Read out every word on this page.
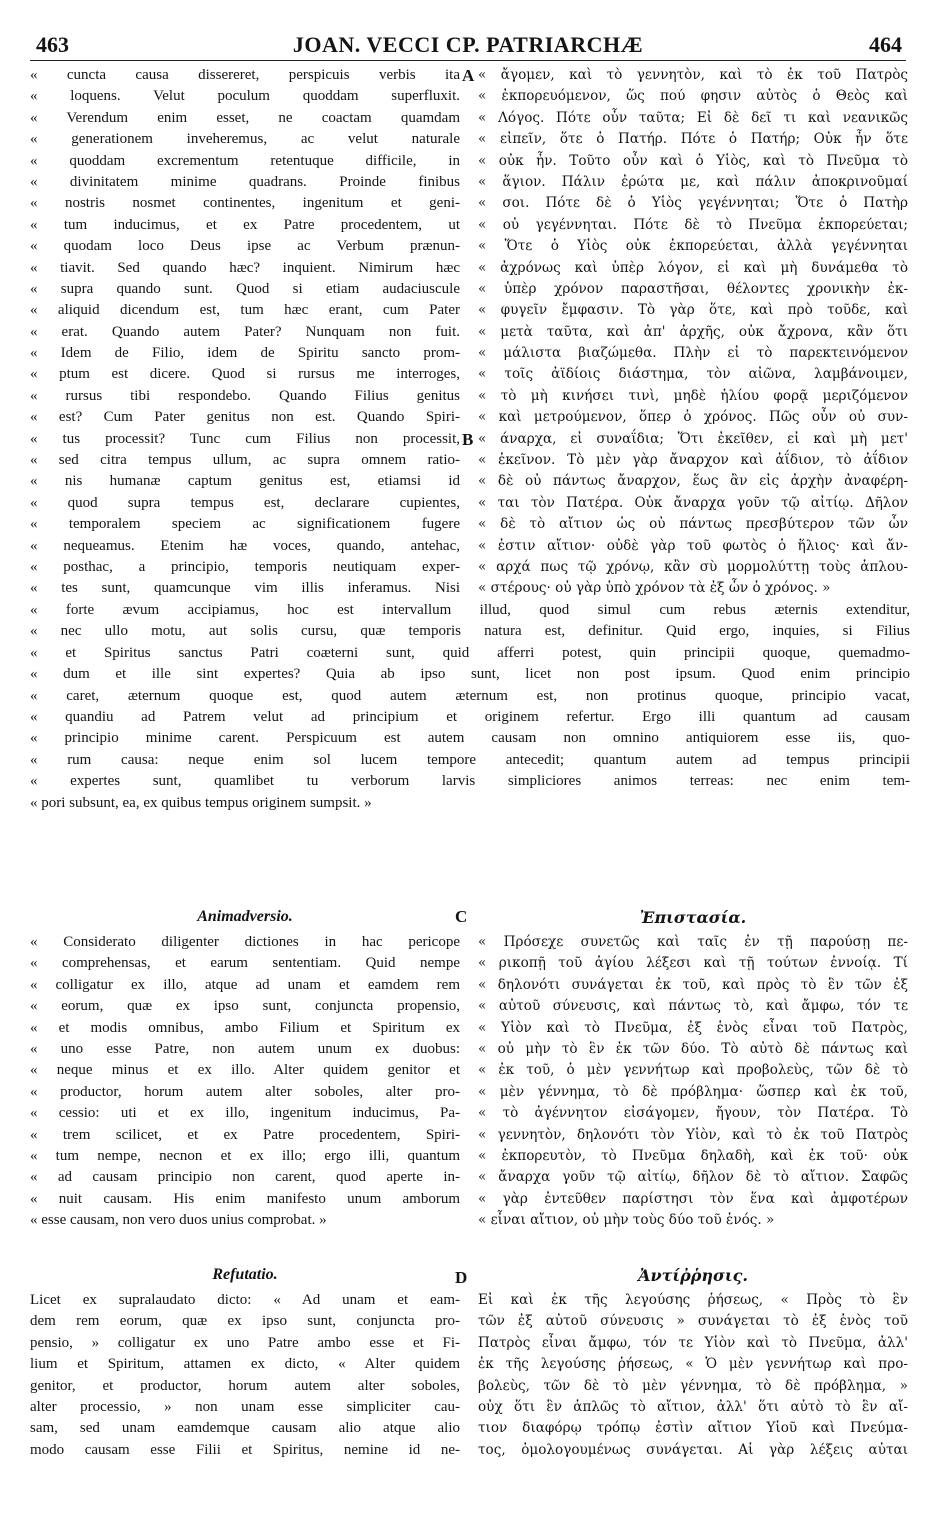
463	JOAN. VECCI CP. PATRIARCHÆ	464
A
B
C
D
« cuncta causa dissereret, perspicuis verbis ita
« loquens. Velut poculum quoddam superfluxit.
« Verendum enim esset, ne coactam quamdam
« generationem inveheremus, ac velut naturale
« quoddam excrementum retentuque difficile, in
« divinitatem minime quadrans. Proinde finibus
« nostris nosmet continentes, ingenitum et geni-
« tum inducimus, et ex Patre procedentem, ut
« quodam loco Deus ipse ac Verbum prænun-
« tiavit. Sed quando hæc? inquient. Nimirum hæc
« supra quando sunt. Quod si etiam audaciuscule
« aliquid dicendum est, tum hæc erant, cum Pater
« erat. Quando autem Pater? Nunquam non fuit.
« Idem de Filio, idem de Spiritu sancto prom-
« ptum est dicere. Quod si rursus me interroges,
« rursus tibi respondebo. Quando Filius genitus
« est? Cum Pater genitus non est. Quando Spiri-
« tus processit? Tunc cum Filius non processit,
« sed citra tempus ullum, ac supra omnem ratio-
« nis humanæ captum genitus est, etiamsi id
« quod supra tempus est, declarare cupientes,
« temporalem speciem ac significationem fugere
« nequeamus. Etenim hæ voces, quando, antehac,
« posthac, a principio, temporis neutiquam exper-
« tes sunt, quamcunque vim illis inferamus. Nisi
« ἄγομεν, καὶ τὸ γεννητὸν, καὶ τὸ ἐκ τοῦ Πατρὸς
« ἐκπορευόμενον, ὥς πού φησιν αὐτὸς ὁ Θεὸς καὶ
« Λόγος. Πότε οὖν ταῦτα; Εἰ δὲ δεῖ τι καὶ νεανικῶς
« εἰπεῖν, ὅτε ὁ Πατήρ. Πότε ὁ Πατήρ; Οὐκ ἦν ὅτε
« οὐκ ἦν. Τοῦτο οὖν καὶ ὁ Υἱὸς, καὶ τὸ Πνεῦμα τὸ
« ἅγιον. Πάλιν ἐρώτα με, καὶ πάλιν ἀποκρινοῦμαί
« σοι. Πότε δὲ ὁ Υἱὸς γεγέννηται; Ὅτε ὁ Πατὴρ
« οὐ γεγέννηται. Πότε δὲ τὸ Πνεῦμα ἐκπορεύεται;
« Ὅτε ὁ Υἱὸς οὐκ ἐκπορεύεται, ἀλλὰ γεγέννηται
« ἀχρόνως καὶ ὑπὲρ λόγον, εἰ καὶ μὴ δυνάμεθα τὸ
« ὑπὲρ χρόνον παραστῆσαι, θέλοντες χρονικὴν ἐκ-
« φυγεῖν ἔμφασιν. Τὸ γὰρ ὅτε, καὶ πρὸ τοῦδε, καὶ
« μετὰ ταῦτα, καὶ ἀπ' ἀρχῆς, οὐκ ἄχρονα, κἂν ὅτι
« μάλιστα βιαζώμεθα. Πλὴν εἰ τὸ παρεκτεινόμενον
« τοῖς ἀϊδίοις διάστημα, τὸν αἰῶνα, λαμβάνοιμεν,
« τὸ μὴ κινήσει τινὶ, μηδὲ ἡλίου φορᾷ μεριζόμενον
« καὶ μετρούμενον, ὅπερ ὁ χρόνος. Πῶς οὖν οὐ συν-
« άναρχα, εἰ συναΐδια; Ὅτι ἐκεῖθεν, εἰ καὶ μὴ μετ'
« ἐκεῖνον. Τὸ μὲν γὰρ ἄναρχον καὶ ἀΐδιον, τὸ ἀΐδιον
« δὲ οὐ πάντως ἄναρχον, ἕως ἂν εἰς ἀρχὴν ἀναφέρη-
« ται τὸν Πατέρα. Οὐκ ἄναρχα γοῦν τῷ αἰτίῳ. Δῆλον
« δὲ τὸ αἴτιον ὡς οὐ πάντως πρεσβύτερον τῶν ὧν
« ἐστιν αἴτιον· οὐδὲ γὰρ τοῦ φωτὸς ὁ ἥλιος· καὶ ἄν-
« αρχά πως τῷ χρόνῳ, κἂν σὺ μορμολύττῃ τοὺς ἁπλου-
« στέρους· οὐ γὰρ ὑπὸ χρόνον τὰ ἐξ ὧν ὁ χρόνος. »
« forte ævum accipiamus, hoc est intervallum illud, quod simul cum rebus æternis extenditur,
« nec ullo motu, aut solis cursu, quæ temporis natura est, definitur. Quid ergo, inquies, si Filius
« et Spiritus sanctus Patri coæterni sunt, quid afferri potest, quin principii quoque, quemadmo-
« dum et ille sint expertes? Quia ab ipso sunt, licet non post ipsum. Quod enim principio
« caret, æternum quoque est, quod autem æternum est, non protinus quoque, principio vacat,
« quandiu ad Patrem velut ad principium et originem refertur. Ergo illi quantum ad causam
« principio minime carent. Perspicuum est autem causam non omnino antiquiorem esse iis, quo-
« rum causa: neque enim sol lucem tempore antecedit; quantum autem ad tempus principii
« expertes sunt, quamlibet tu verborum larvis simpliciores animos terreas: nec enim tem-
« pori subsunt, ea, ex quibus tempus originem sumpsit. »
Animadversio.
« Considerato diligenter dictiones in hac pericope
« comprehensas, et earum sententiam. Quid nempe
« colligatur ex illo, atque ad unam et eamdem rem
« eorum, quæ ex ipso sunt, conjuncta propensio,
« et modis omnibus, ambo Filium et Spiritum ex
« uno esse Patre, non autem unum ex duobus:
« neque minus et ex illo. Alter quidem genitor et
« productor, horum autem alter soboles, alter pro-
« cessio: uti et ex illo, ingenitum inducimus, Pa-
« trem scilicet, et ex Patre procedentem, Spiri-
« tum nempe, necnon et ex illo; ergo illi, quantum
« ad causam principio non carent, quod aperte in-
« nuit causam. His enim manifesto unum amborum
« esse causam, non vero duos unius comprobat. »
Ἐπιστασία.
« Πρόσεχε συνετῶς καὶ ταῖς ἐν τῇ παρούσῃ πε-
« ρικοπῇ τοῦ ἁγίου λέξεσι καὶ τῇ τούτων ἐννοίᾳ. Τί
« δηλονότι συνάγεται ἐκ τοῦ, καὶ πρὸς τὸ ἓν τῶν ἐξ
« αὐτοῦ σύνευσις, καὶ πάντως τὸ, καὶ ἄμφω, τόν τε
« Υἱὸν καὶ τὸ Πνεῦμα, ἐξ ἑνὸς εἶναι τοῦ Πατρὸς,
« οὐ μὴν τὸ ἓν ἐκ τῶν δύο. Τὸ αὐτὸ δὲ πάντως καὶ
« ἐκ τοῦ, ὁ μὲν γεννήτωρ καὶ προβολεὺς, τῶν δὲ τὸ
« μὲν γέννημα, τὸ δὲ πρόβλημα· ὥσπερ καὶ ἐκ τοῦ,
« τὸ ἀγέννητον εἰσάγομεν, ἤγουν, τὸν Πατέρα. Τὸ
« γεννητὸν, δηλονότι τὸν Υἱὸν, καὶ τὸ ἐκ τοῦ Πατρὸς
« ἐκπορευτὸν, τὸ Πνεῦμα δηλαδὴ, καὶ ἐκ τοῦ· οὐκ
« ἄναρχα γοῦν τῷ αἰτίῳ, δῆλον δὲ τὸ αἴτιον. Σαφῶς
« γὰρ ἐντεῦθεν παρίστησι τὸν ἕνα καὶ ἀμφοτέρων
« εἶναι αἴτιον, οὐ μὴν τοὺς δύο τοῦ ἑνός. »
Refutatio.
Licet ex supralaudato dicto: « Ad unam et eam-
dem rem eorum, quæ ex ipso sunt, conjuncta pro-
pensio, » colligatur ex uno Patre ambo esse et Fi-
lium et Spiritum, attamen ex dicto, « Alter quidem
genitor, et productor, horum autem alter soboles,
alter processio, » non unam esse simpliciter cau-
sam, sed unam eamdemque causam alio atque alio
modo causam esse Filii et Spiritus, nemine id ne-
Ἀντίῤῥησις.
Εἰ καὶ ἐκ τῆς λεγούσης ῥήσεως, « Πρὸς τὸ ἓν
τῶν ἐξ αὐτοῦ σύνευσις » συνάγεται τὸ ἐξ ἑνὸς τοῦ
Πατρὸς εἶναι ἄμφω, τόν τε Υἱὸν καὶ τὸ Πνεῦμα, ἀλλ'
ἐκ τῆς λεγούσης ῥήσεως, « Ὁ μὲν γεννήτωρ καὶ προ-
βολεὺς, τῶν δὲ τὸ μὲν γέννημα, τὸ δὲ πρόβλημα, »
οὐχ ὅτι ἓν ἁπλῶς τὸ αἴτιον, ἀλλ' ὅτι αὐτὸ τὸ ἓν αἴ-
τιον διαφόρῳ τρόπῳ ἐστὶν αἴτιον Υἱοῦ καὶ Πνεύμα-
τος, ὁμολογουμένως συνάγεται. Αἱ γὰρ λέξεις αὐται
